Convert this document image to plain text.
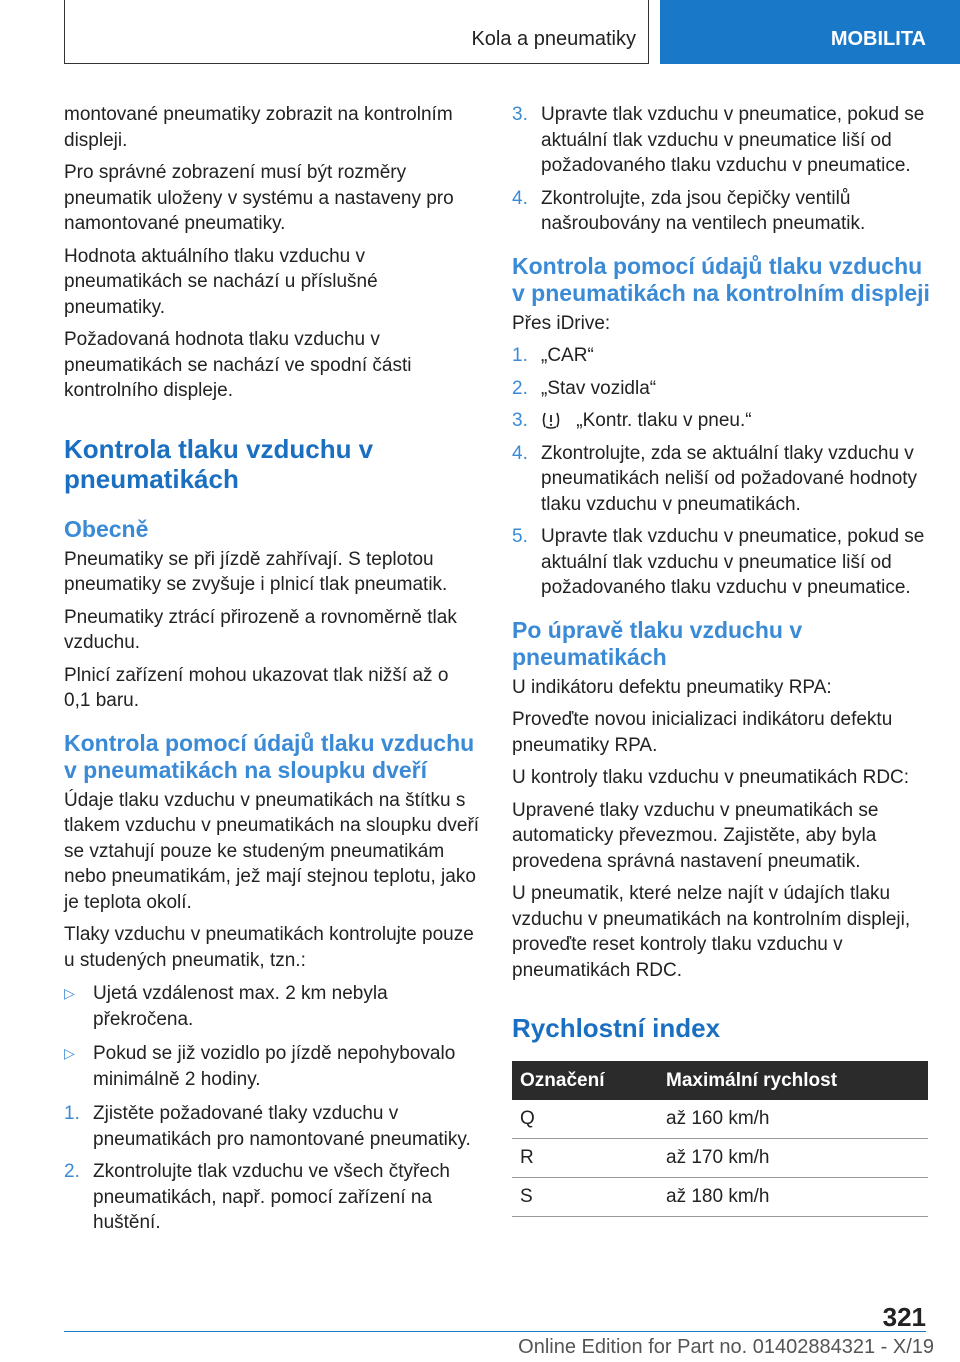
Kola a pneumatiky	MOBILITA

montované pneumatiky zobrazit na kontrolním displeji.

Pro správné zobrazení musí být rozměry pneumatik uloženy v systému a nastaveny pro namontované pneumatiky.

Hodnota aktuálního tlaku vzduchu v pneumatikách se nachází u příslušné pneumatiky.

Požadovaná hodnota tlaku vzduchu v pneumatikách se nachází ve spodní části kontrolního displeje.

Kontrola tlaku vzduchu v pneumatikách
Obecně

Pneumatiky se při jízdě zahřívají. S teplotou pneumatiky se zvyšuje i plnicí tlak pneumatik.

Pneumatiky ztrácí přirozeně a rovnoměrně tlak vzduchu.

Plnicí zařízení mohou ukazovat tlak nižší až o 0,1 baru.

Kontrola pomocí údajů tlaku vzduchu v pneumatikách na sloupku dveří

Údaje tlaku vzduchu v pneumatikách na štítku s tlakem vzduchu v pneumatikách na sloupku dveří se vztahují pouze ke studeným pneumatikám nebo pneumatikám, jež mají stejnou teplotu, jako je teplota okolí.

Tlaky vzduchu v pneumatikách kontrolujte pouze u studených pneumatik, tzn.:

▷ Ujetá vzdálenost max. 2 km nebyla překročena.
▷ Pokud se již vozidlo po jízdě nepohybovalo minimálně 2 hodiny.
1. Zjistěte požadované tlaky vzduchu v pneumatikách pro namontované pneumatiky.
2. Zkontrolujte tlak vzduchu ve všech čtyřech pneumatikách, např. pomocí zařízení na huštění.
3. Upravte tlak vzduchu v pneumatice, pokud se aktuální tlak vzduchu v pneumatice liší od požadovaného tlaku vzduchu v pneumatice.
4. Zkontrolujte, zda jsou čepičky ventilů našroubovány na ventilech pneumatik.
Kontrola pomocí údajů tlaku vzduchu v pneumatikách na kontrolním displeji

Přes iDrive:

1. „CAR“
2. „Stav vozidla“
3.	„Kontr. tlaku v pneu.“
4. Zkontrolujte, zda se aktuální tlaky vzduchu v pneumatikách neliší od požadované hodnoty tlaku vzduchu v pneumatikách.
5. Upravte tlak vzduchu v pneumatice, pokud se aktuální tlak vzduchu v pneumatice liší od požadovaného tlaku vzduchu v pneumatice.
Po úpravě tlaku vzduchu v pneumatikách

U indikátoru defektu pneumatiky RPA:

Proveďte novou inicializaci indikátoru defektu pneumatiky RPA.

U kontroly tlaku vzduchu v pneumatikách RDC:

Upravené tlaky vzduchu v pneumatikách se automaticky převezmou. Zajistěte, aby byla provedena správná nastavení pneumatik.

U pneumatik, které nelze najít v údajích tlaku vzduchu v pneumatikách na kontrolním displeji, proveďte reset kontroly tlaku vzduchu v pneumatikách RDC.

Rychlostní index
Označení	Maximální rychlost
Q	až 160 km/h
R	až 170 km/h
S	až 180 km/h
321
Online Edition for Part no. 01402884321 - X/19
